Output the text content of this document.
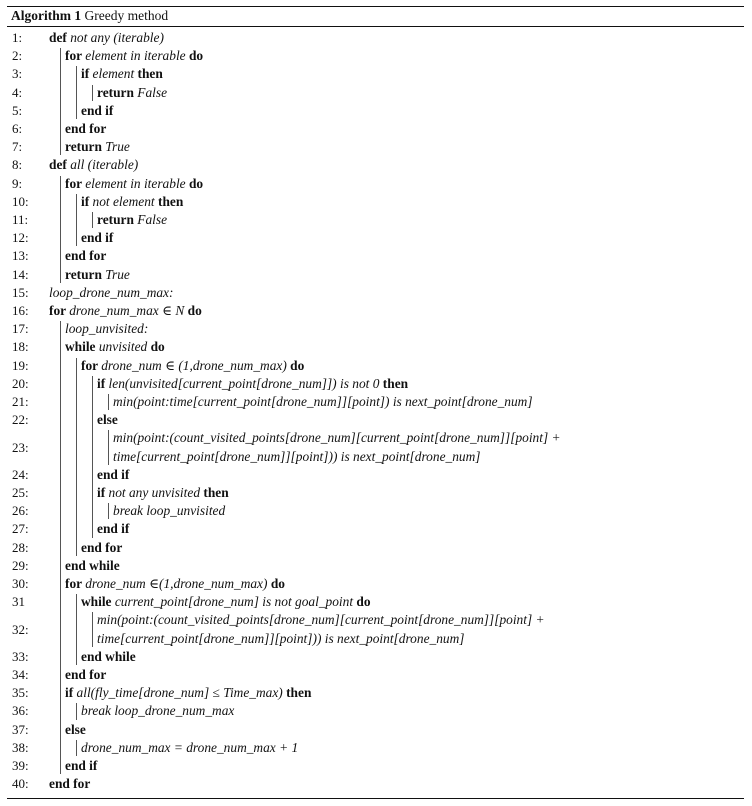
Algorithm 1 Greedy method
1: def not any (iterable)
2:	for element in iterable do
3:	if element then
4:	return False
5:	end if
6:	end for
7:	return True
8: def all (iterable)
9:	for element in iterable do
10:	if not element then
11:	return False
12:	end if
13:	end for
14:	return True
15: loop_drone_num_max:
16: for drone_num_max ∈ N do
17:	loop_unvisited:
18:	while unvisited do
19:	for drone_num ∈ (1,drone_num_max) do
20:	if len(unvisited[current_point[drone_num]]) is not 0 then
21:	min(point:time[current_point[drone_num]][point]) is next_point[drone_num]
22:	else
23:
min(point:(count_visited_points[drone_num][current_point[drone_num]][point] +
time[current_point[drone_num]][point])) is next_point[drone_num]
24:	end if
25:	if not any unvisited then
26:	break loop_unvisited
27:	end if
28:	end for
29:	end while
30:	for drone_num ∈(1,drone_num_max) do
31	while current_point[drone_num] is not goal_point do
32:
min(point:(count_visited_points[drone_num][current_point[drone_num]][point] +
time[current_point[drone_num]][point])) is next_point[drone_num]
33:	end while
34:	end for
35:	if all(fly_time[drone_num] ≤ Time_max) then
36:	break loop_drone_num_max
37:	else
38:	drone_num_max = drone_num_max + 1
39:	end if
40: end for
